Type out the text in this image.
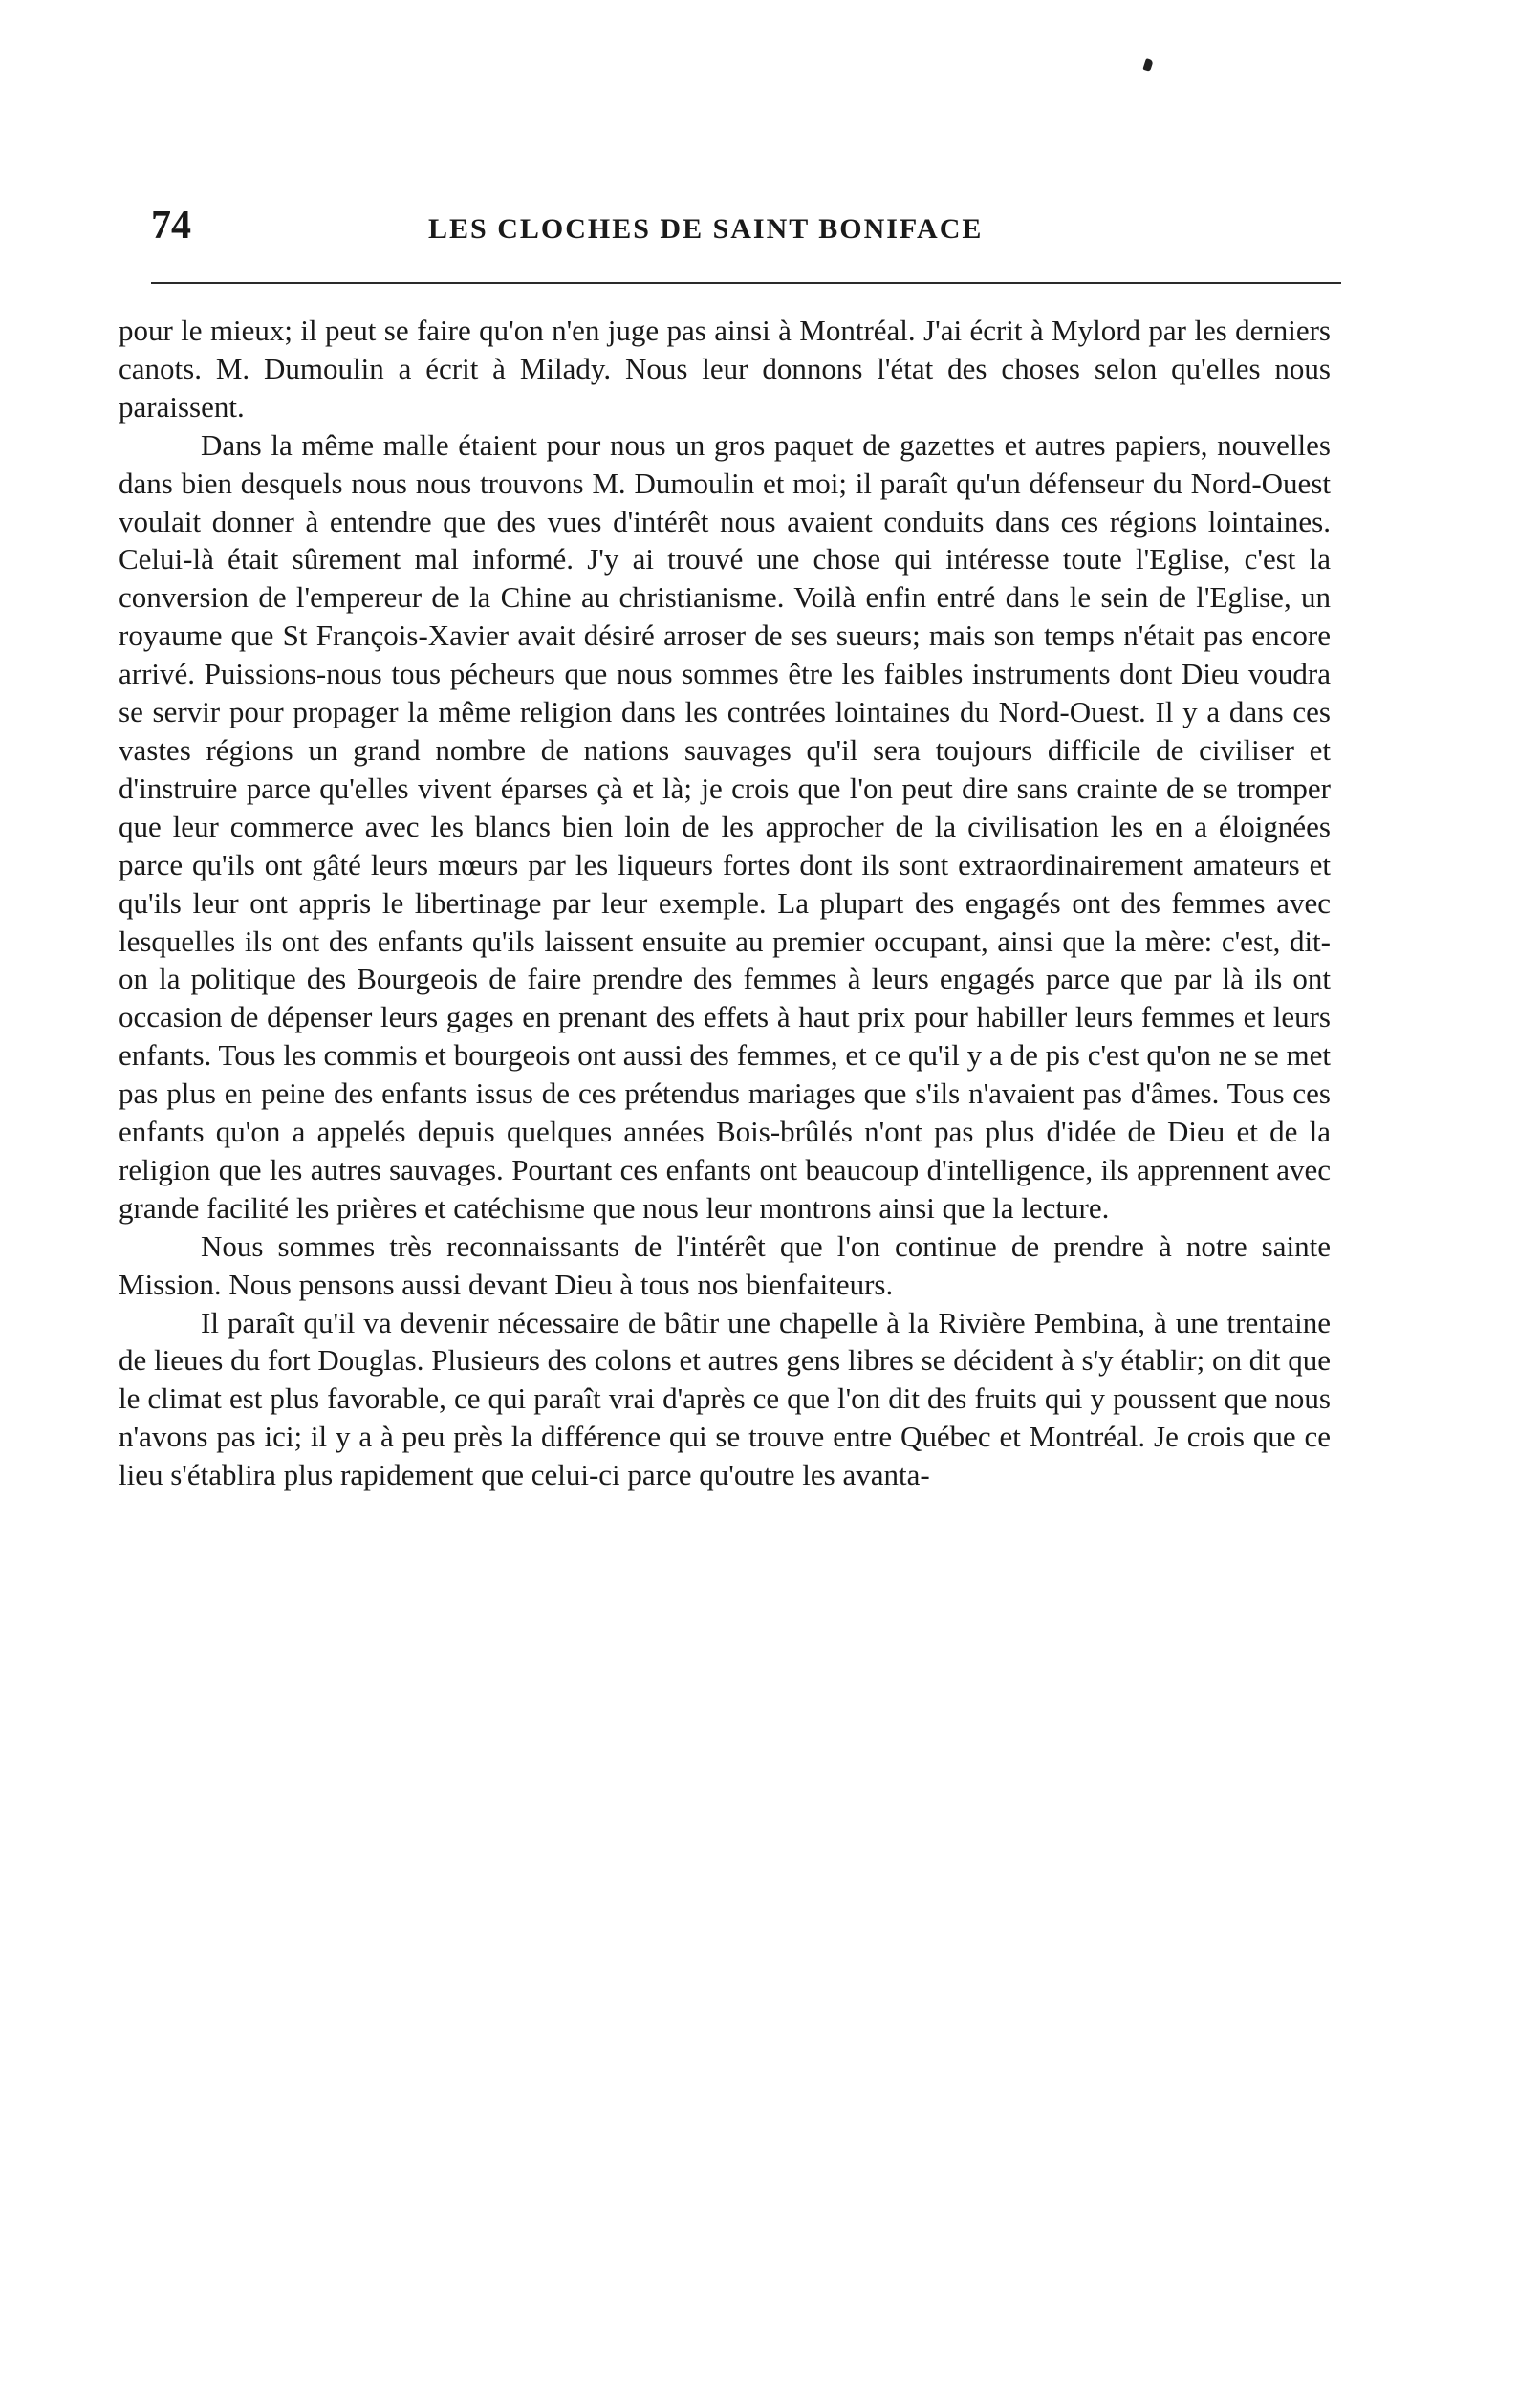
74	LES CLOCHES DE SAINT BONIFACE

pour le mieux; il peut se faire qu'on n'en juge pas ainsi à Montréal. J'ai écrit à Mylord par les derniers canots. M. Dumoulin a écrit à Milady. Nous leur donnons l'état des choses selon qu'elles nous paraissent.

Dans la même malle étaient pour nous un gros paquet de gazettes et autres papiers, nouvelles dans bien desquels nous nous trouvons M. Dumoulin et moi; il paraît qu'un défenseur du Nord-Ouest voulait donner à entendre que des vues d'intérêt nous avaient conduits dans ces régions lointaines. Celui-là était sûrement mal informé. J'y ai trouvé une chose qui intéresse toute l'Eglise, c'est la conversion de l'empereur de la Chine au christianisme. Voilà enfin entré dans le sein de l'Eglise, un royaume que St François-Xavier avait désiré arroser de ses sueurs; mais son temps n'était pas encore arrivé. Puissions-nous tous pécheurs que nous sommes être les faibles instruments dont Dieu voudra se servir pour propager la même religion dans les contrées lointaines du Nord-Ouest. Il y a dans ces vastes régions un grand nombre de nations sauvages qu'il sera toujours difficile de civiliser et d'instruire parce qu'elles vivent éparses çà et là; je crois que l'on peut dire sans crainte de se tromper que leur commerce avec les blancs bien loin de les approcher de la civilisation les en a éloignées parce qu'ils ont gâté leurs mœurs par les liqueurs fortes dont ils sont extraordinairement amateurs et qu'ils leur ont appris le libertinage par leur exemple. La plupart des engagés ont des femmes avec lesquelles ils ont des enfants qu'ils laissent ensuite au premier occupant, ainsi que la mère: c'est, dit-on la politique des Bourgeois de faire prendre des femmes à leurs engagés parce que par là ils ont occasion de dépenser leurs gages en prenant des effets à haut prix pour habiller leurs femmes et leurs enfants. Tous les commis et bourgeois ont aussi des femmes, et ce qu'il y a de pis c'est qu'on ne se met pas plus en peine des enfants issus de ces prétendus mariages que s'ils n'avaient pas d'âmes. Tous ces enfants qu'on a appelés depuis quelques années Bois-brûlés n'ont pas plus d'idée de Dieu et de la religion que les autres sauvages. Pourtant ces enfants ont beaucoup d'intelligence, ils apprennent avec grande facilité les prières et catéchisme que nous leur montrons ainsi que la lecture.

Nous sommes très reconnaissants de l'intérêt que l'on continue de prendre à notre sainte Mission. Nous pensons aussi devant Dieu à tous nos bienfaiteurs.

Il paraît qu'il va devenir nécessaire de bâtir une chapelle à la Rivière Pembina, à une trentaine de lieues du fort Douglas. Plusieurs des colons et autres gens libres se décident à s'y établir; on dit que le climat est plus favorable, ce qui paraît vrai d'après ce que l'on dit des fruits qui y poussent que nous n'avons pas ici; il y a à peu près la différence qui se trouve entre Québec et Montréal. Je crois que ce lieu s'établira plus rapidement que celui-ci parce qu'outre les avanta-
